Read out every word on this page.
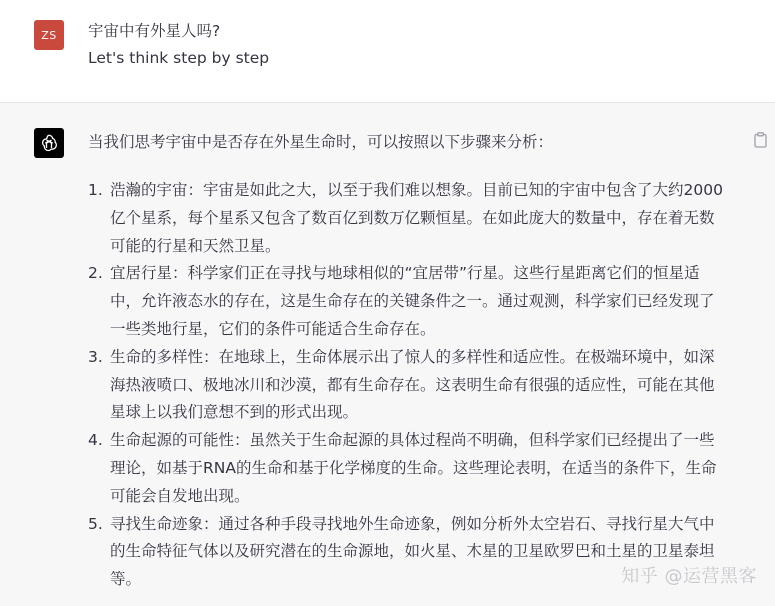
ZS	宇宙中有外星人吗?
Let's think step by step
当我们思考宇宙中是否存在外星生命时，可以按照以下步骤来分析：
1. 浩瀚的宇宙：宇宙是如此之大，以至于我们难以想象。目前已知的宇宙中包含了大约2000
亿个星系，每个星系又包含了数百亿到数万亿颗恒星。在如此庞大的数量中，存在着无数
可能的行星和天然卫星。
2. 宜居行星：科学家们正在寻找与地球相似的“宜居带”行星。这些行星距离它们的恒星适
中，允许液态水的存在，这是生命存在的关键条件之一。通过观测，科学家们已经发现了
一些类地行星，它们的条件可能适合生命存在。
3. 生命的多样性：在地球上，生命体展示出了惊人的多样性和适应性。在极端环境中，如深
海热液喷口、极地冰川和沙漠，都有生命存在。这表明生命有很强的适应性，可能在其他
星球上以我们意想不到的形式出现。
4. 生命起源的可能性：虽然关于生命起源的具体过程尚不明确，但科学家们已经提出了一些
理论，如基于RNA的生命和基于化学梯度的生命。这些理论表明，在适当的条件下，生命
可能会自发地出现。
5. 寻找生命迹象：通过各种手段寻找地外生命迹象，例如分析外太空岩石、寻找行星大气中
的生命特征气体以及研究潜在的生命源地，如火星、木星的卫星欧罗巴和土星的卫星泰坦
等。	知乎 @运营黑客
